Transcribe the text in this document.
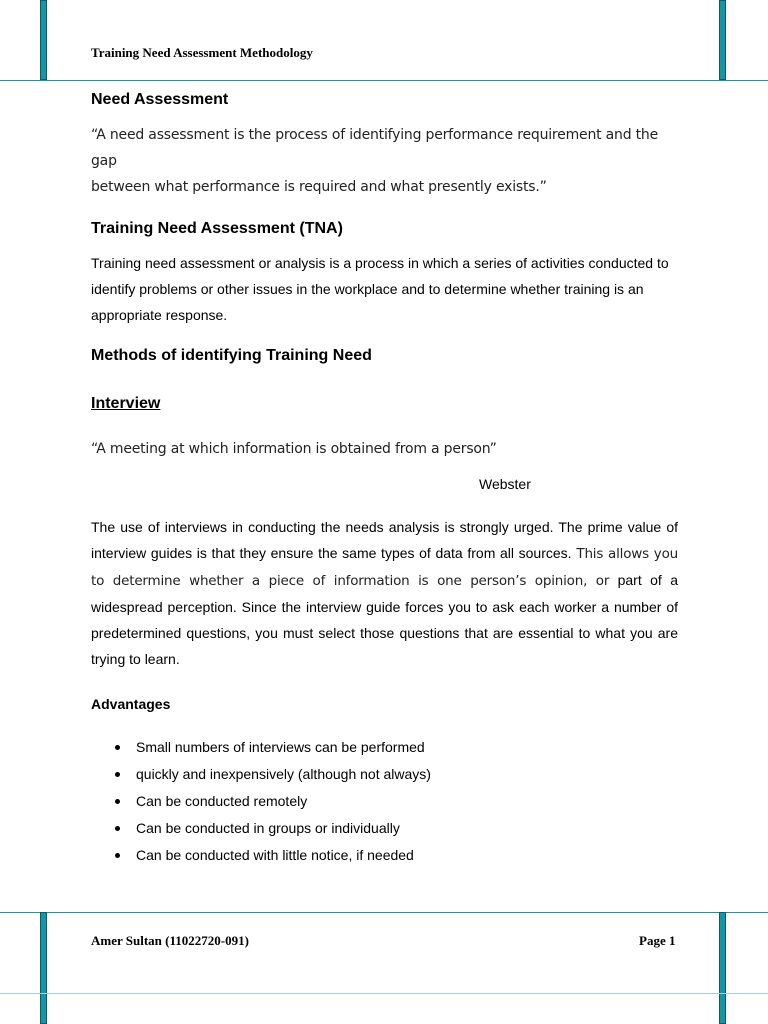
Training Need Assessment Methodology

Need Assessment

“A need assessment is the process of identifying performance requirement and the gap

between what performance is required and what presently exists.”

Training Need Assessment (TNA)

Training need assessment or analysis is a process in which a series of activities conducted to identify problems or other issues in the workplace and to determine whether training is an appropriate response.

Methods of identifying Training Need

Interview

“A meeting at which information is obtained from a person”

Webster

The use of interviews in conducting the needs analysis is strongly urged. The prime value of interview guides is that they ensure the same types of data from all sources. This allows you to determine whether a piece of information is one person’s opinion, or part of a widespread perception. Since the interview guide forces you to ask each worker a number of predetermined questions, you must select those questions that are essential to what you are trying to learn.

Advantages

Small numbers of interviews can be performed
quickly and inexpensively (although not always)
Can be conducted remotely
Can be conducted in groups or individually
Can be conducted with little notice, if needed
Amer Sultan (11022720-091)	Page 1
